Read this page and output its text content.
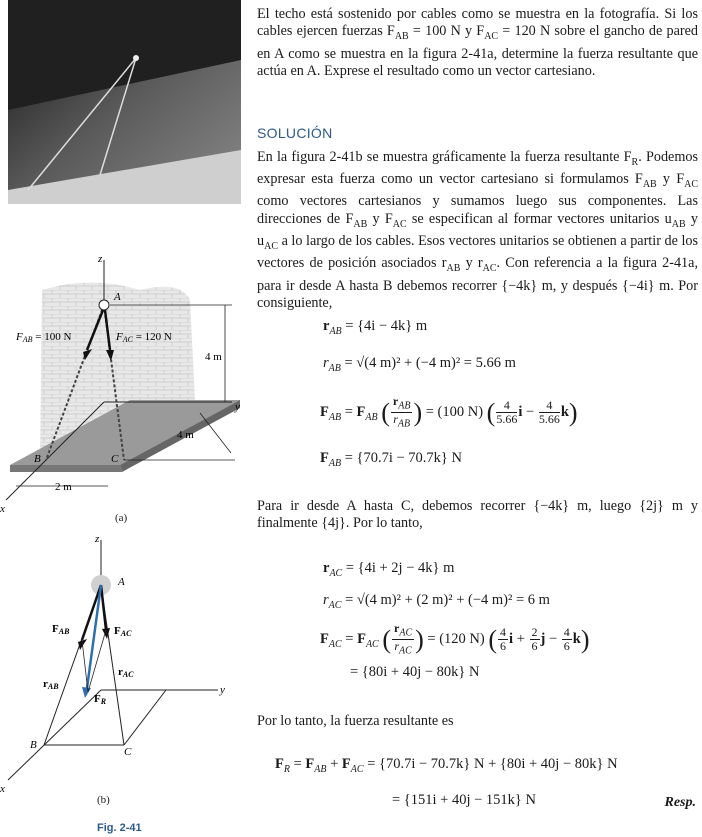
El techo está sostenido por cables como se muestra en la fotografía. Si los cables ejercen fuerzas $F_{AB} = 100$ N y $F_{AC} = 120$ N sobre el gancho de pared en A como se muestra en la figura 2-41a, determine la fuerza resultante que actúa en A. Exprese el resultado como un vector cartesiano.
SOLUCIÓN
En la figura 2-41b se muestra gráficamente la fuerza resultante $F_R$. Podemos expresar esta fuerza como un vector cartesiano si formulamos $F_{AB}$ y $F_{AC}$ como vectores cartesianos y sumamos luego sus componentes. Las direcciones de $F_{AB}$ y $F_{AC}$ se especifican al formar vectores unitarios $u_{AB}$ y $u_{AC}$ a lo largo de los cables. Esos vectores unitarios se obtienen a partir de los vectores de posición asociados $r_{AB}$ y $r_{AC}$. Con referencia a la figura 2-41a, para ir desde A hasta B debemos recorrer {−4k} m, y después {−4i} m. Por consiguiente,
$r_{AB} = \{4i - 4k\}$ m
$r_{AB} = √(4$ m)² + (−4 m)² = 5.66 m
$F_{AB} = F_{AB}$ ( $\frac{r_{AB}}{r_{AB}}$ ) = (100 N) ( $\frac{4}{5.66}$ $i - \frac{4}{5.66} k$)
$F_{AB} = \{70.7i - 70.7k\}$ N
Para ir desde A hasta C, debemos recorrer {−4k} m, luego {2j} m y finalmente {4j}. Por lo tanto,
$r_{AC} = \{4i + 2j - 4k\}$ m
$r_{AC} = √(4$ m)² + (2 m)² + (−4 m)² = 6 m
$F_{AC} = F_{AC}$ ( $\frac{r_{AC}}{r_{AC}}$ ) = (120 N) ( $\frac{4}{6}$ $i + \frac{2}{6}$ $j - \frac{4}{6} k$)
= {80i + 40j − 80k} N
Por lo tanto, la fuerza resultante es
$F_R = F_{AB} + F_{AC} = \{70.7i - 70.7k\} N + \{80i + 40j - 80k\}$ N
= {151i + 40j − 151k} N	Resp.
z
y
x
A
B	C
FAB = 100 N	FAC = 120 N
4 m
4 m
2 m
(a)
z
y
x
A
B
C
FAB	FAC
rAB
rAC
FR
(b)
Fig. 2-41
